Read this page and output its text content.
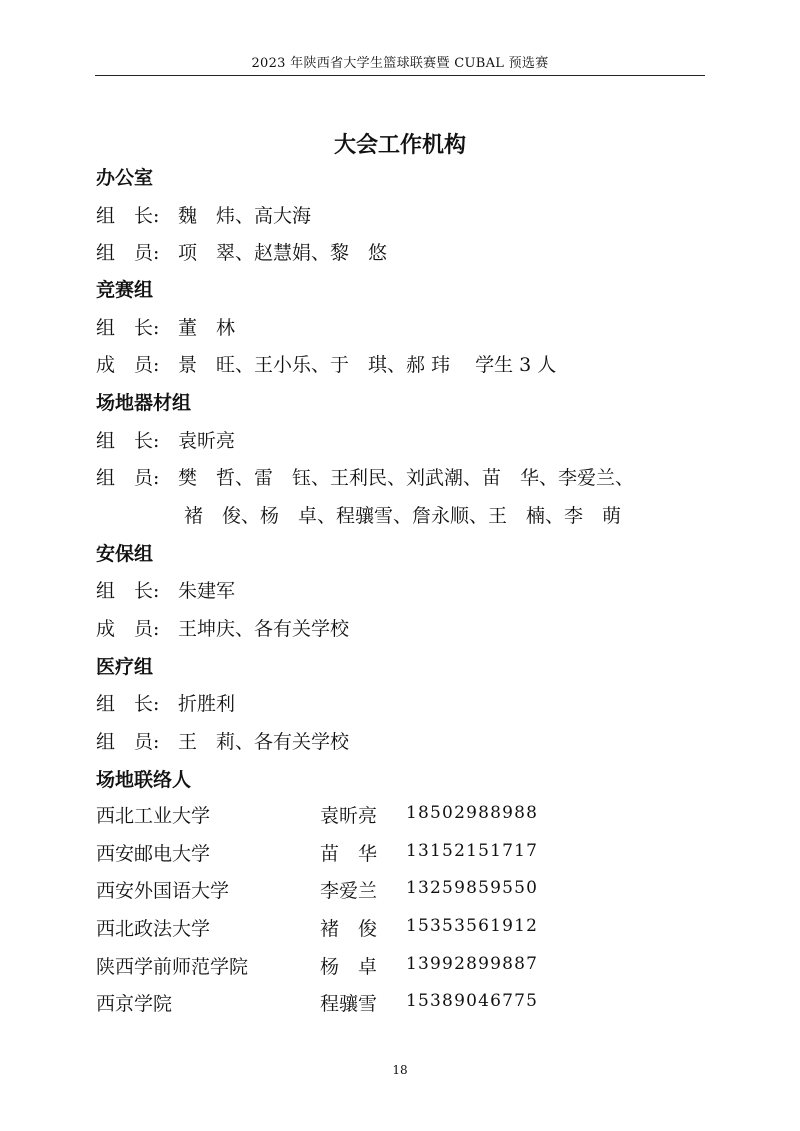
2023 年陕西省大学生篮球联赛暨 CUBAL 预选赛
大会工作机构
办公室
组　长: 魏　炜、高大海
组　员: 项　翠、赵慧娟、黎　悠
竞赛组
组　长: 董　林
成　员: 景　旺、王小乐、于　琪、郝 玮　 学生 3 人
场地器材组
组　长: 袁昕亮
组　员: 樊　哲、雷　钰、王利民、刘武潮、苗　华、李爱兰、
褚　俊、杨　卓、程骧雪、詹永顺、王　楠、李　萌
安保组
组　长: 朱建军
成　员: 王坤庆、各有关学校
医疗组
组　长: 折胜利
组　员: 王　莉、各有关学校
场地联络人
西北工业大学	袁昕亮 18502988988
西安邮电大学	苗　华 13152151717
西安外国语大学	李爱兰 13259859550
西北政法大学	褚　俊 15353561912
陕西学前师范学院	杨　卓 13992899887
西京学院	程骧雪 15389046775
18
